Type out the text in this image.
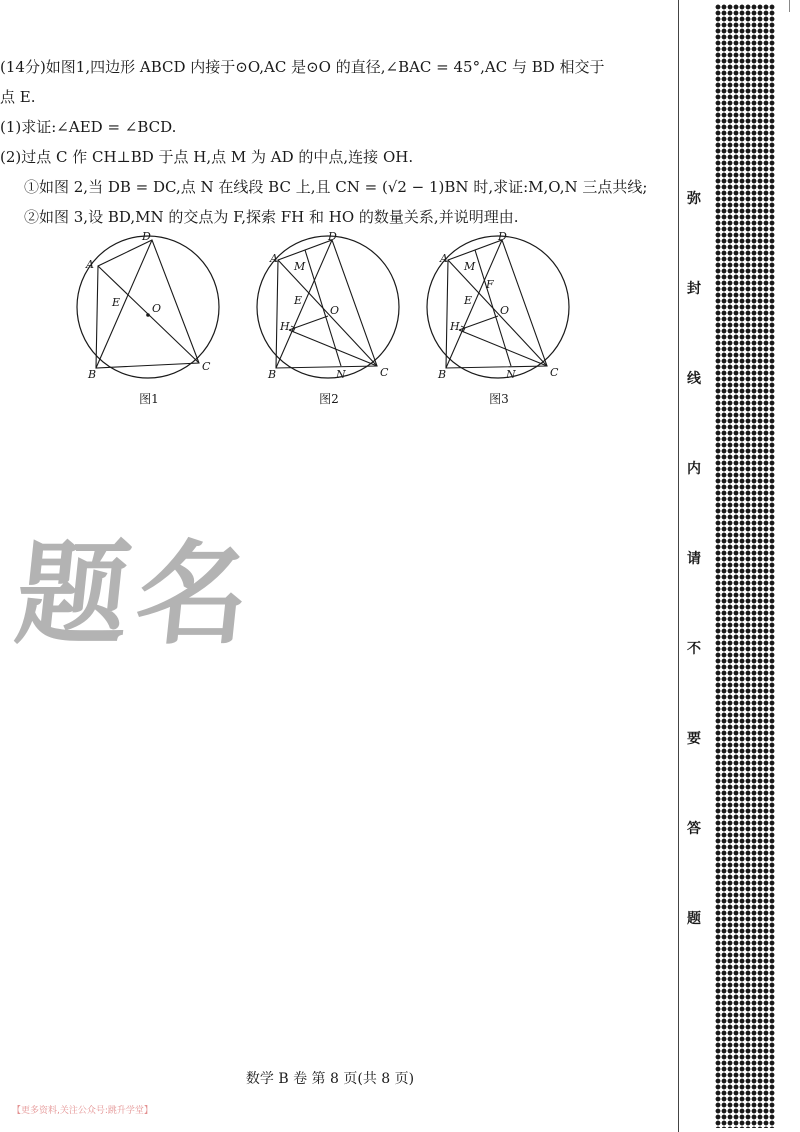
(14分)如图1,四边形 ABCD 内接于⊙O,AC 是⊙O 的直径,∠BAC = 45°,AC 与 BD 相交于
点 E.
(1)求证:∠AED = ∠BCD.
(2)过点 C 作 CH⊥BD 于点 H,点 M 为 AD 的中点,连接 OH.
①如图 2,当 DB = DC,点 N 在线段 BC 上,且 CN = (√2 − 1)BN 时,求证:M,O,N 三点共线;
②如图 3,设 BD,MN 的交点为 F,探索 FH 和 HO 的数量关系,并说明理由.
A
B
C
D
E	O
图1
A
B	C
D
E
O
M
H
N
图2
A
B	C
D
E
O
M
H
N
F
图3
题名
数学 B 卷 第 8 页(共 8 页)
【更多资料,关注公众号:跳升学堂】
弥
封
线
内
请
不
要
答
题
